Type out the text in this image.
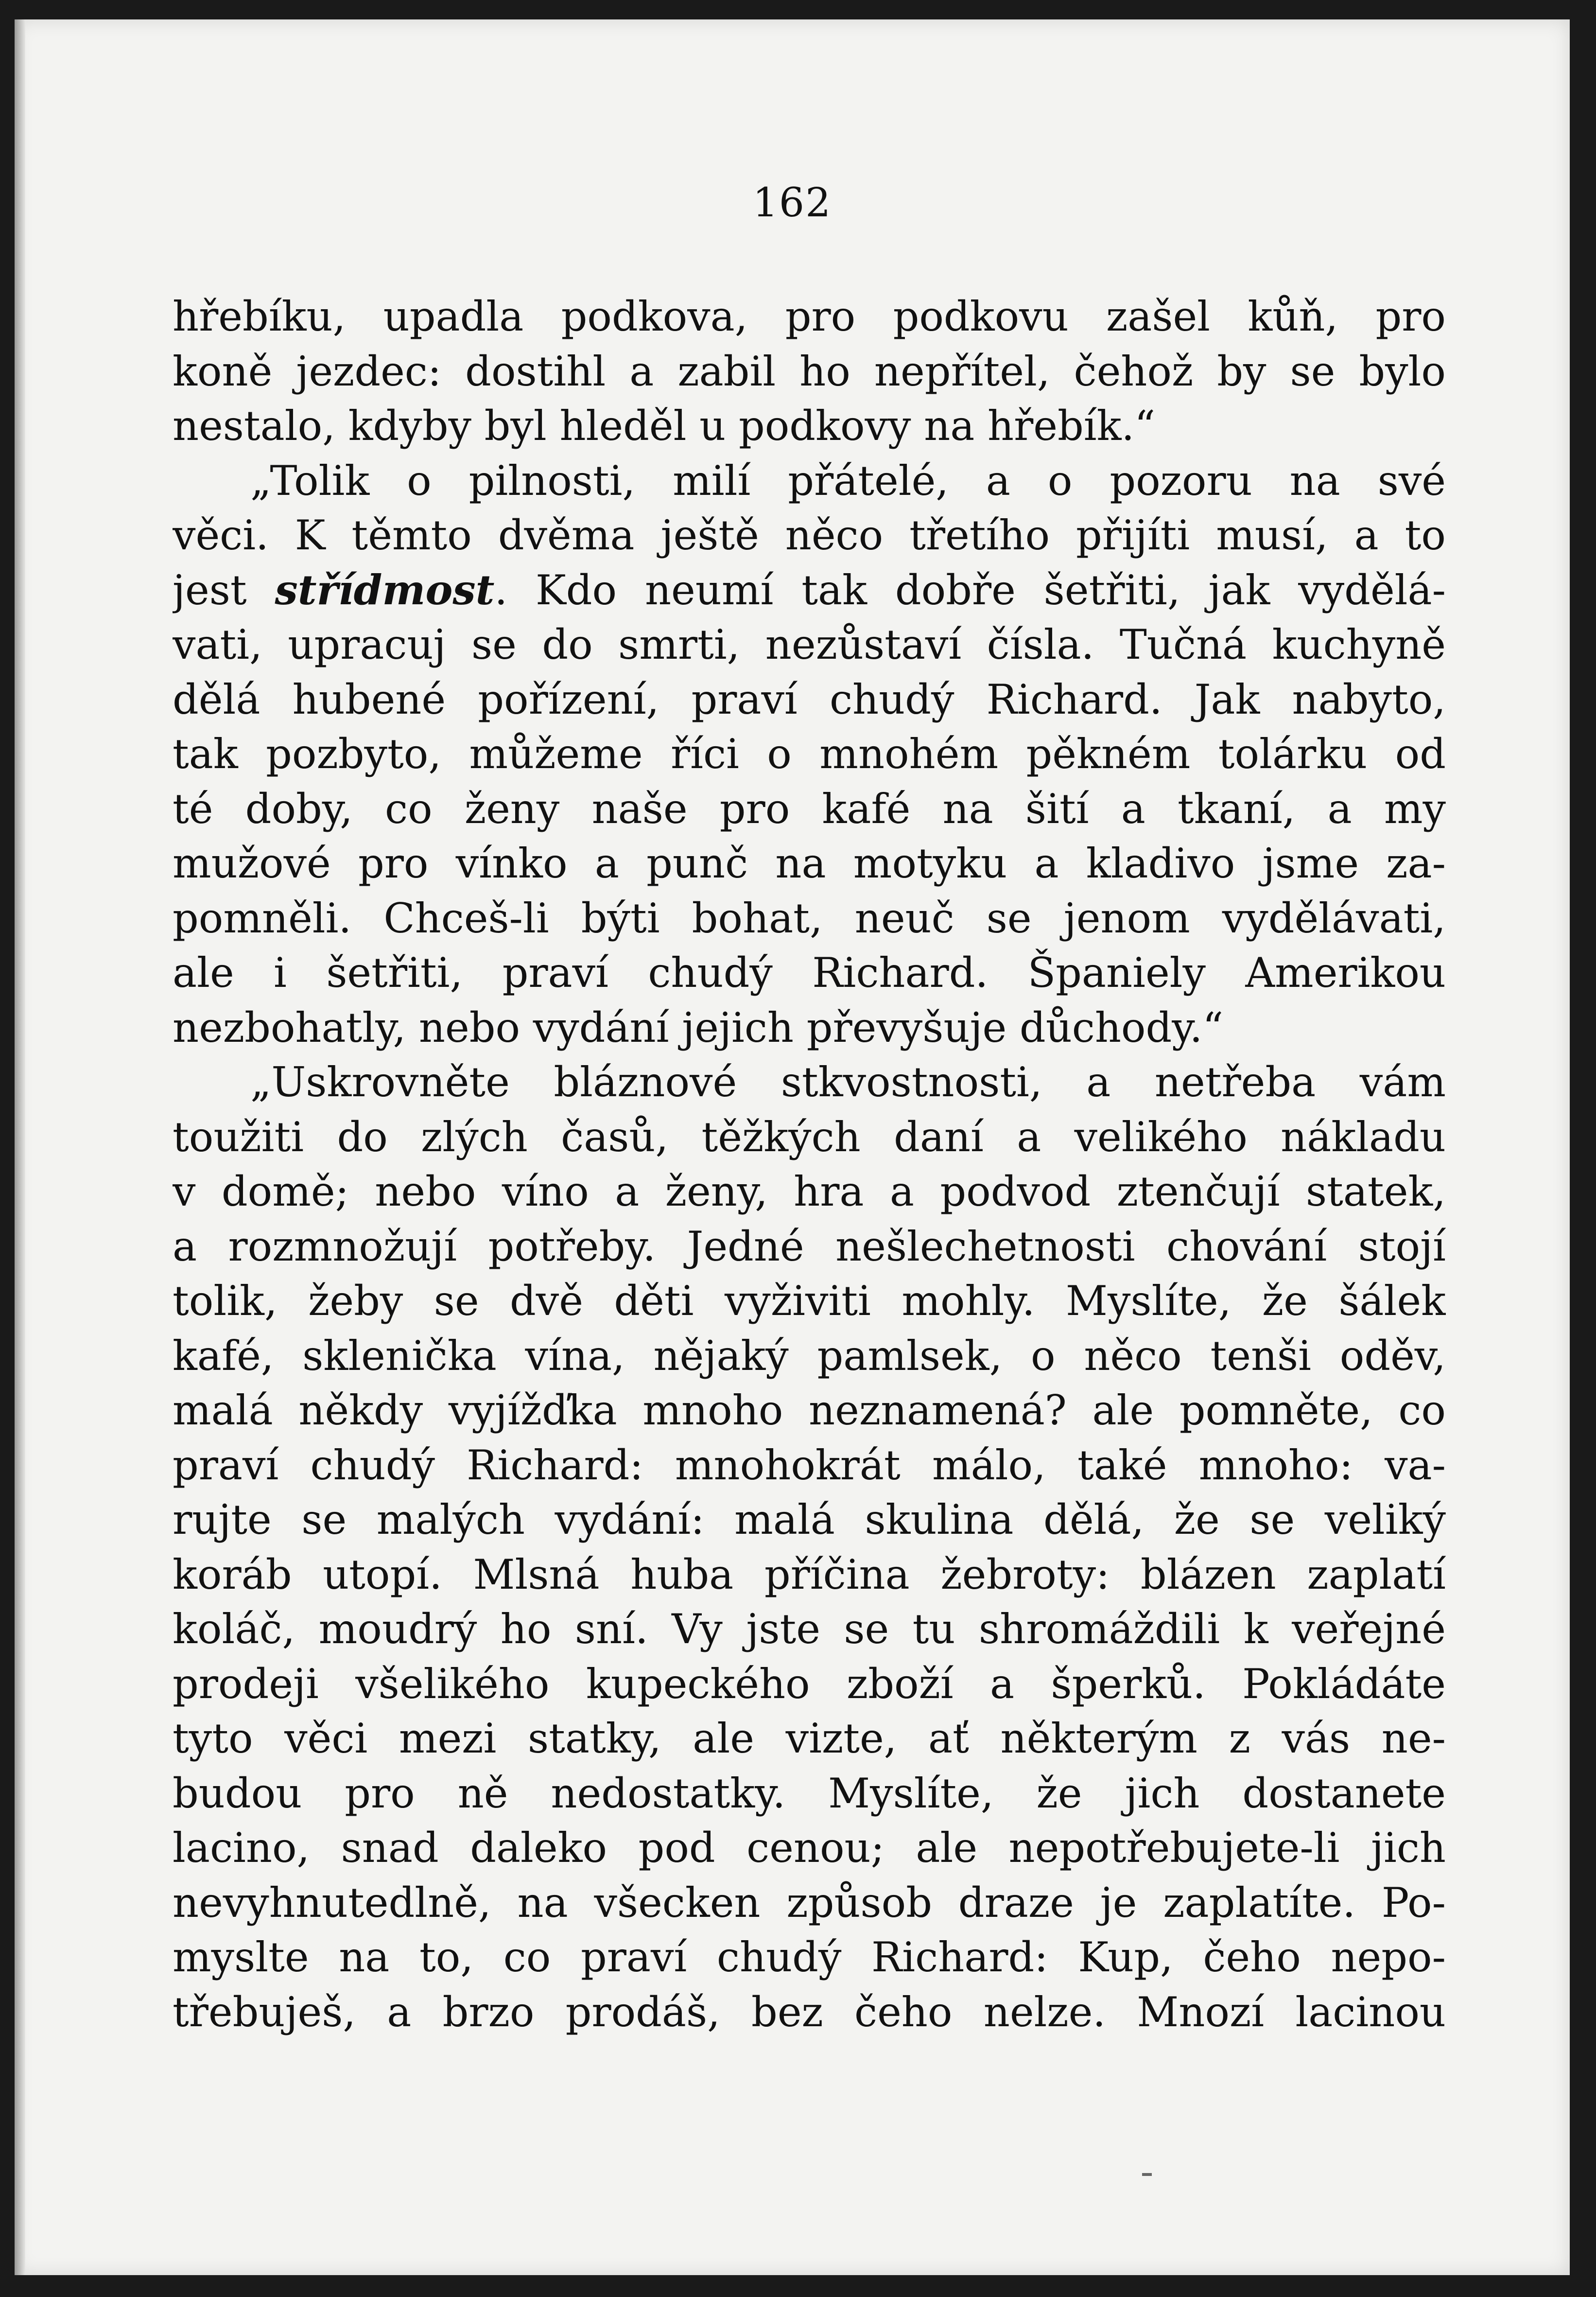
162
hřebíku, upadla podkova, pro podkovu zašel kůň, pro
koně jezdec: dostihl a zabil ho nepřítel, čehož by se bylo
nestalo, kdyby byl hleděl u podkovy na hřebík.“
„Tolik o pilnosti, milí přátelé, a o pozoru na své
věci. K těmto dvěma ještě něco třetího přijíti musí, a to
jest střídmost. Kdo neumí tak dobře šetřiti, jak vydělá-
vati, upracuj se do smrti, nezůstaví čísla. Tučná kuchyně
dělá hubené pořízení, praví chudý Richard. Jak nabyto,
tak pozbyto, můžeme říci o mnohém pěkném tolárku od
té doby, co ženy naše pro kafé na šití a tkaní, a my
mužové pro vínko a punč na motyku a kladivo jsme za-
pomněli. Chceš-li býti bohat, neuč se jenom vydělávati,
ale i šetřiti, praví chudý Richard. Španiely Amerikou
nezbohatly, nebo vydání jejich převyšuje důchody.“
„Uskrovněte bláznové stkvostnosti, a netřeba vám
toužiti do zlých časů, těžkých daní a velikého nákladu
v domě; nebo víno a ženy, hra a podvod ztenčují statek,
a rozmnožují potřeby. Jedné nešlechetnosti chování stojí
tolik, žeby se dvě děti vyživiti mohly. Myslíte, že šálek
kafé, sklenička vína, nějaký pamlsek, o něco tenši oděv,
malá někdy vyjížďka mnoho neznamená? ale pomněte, co
praví chudý Richard: mnohokrát málo, také mnoho: va-
rujte se malých vydání: malá skulina dělá, že se veliký
koráb utopí. Mlsná huba příčina žebroty: blázen zaplatí
koláč, moudrý ho sní. Vy jste se tu shromáždili k veřejné
prodeji všelikého kupeckého zboží a šperků. Pokládáte
tyto věci mezi statky, ale vizte, ať některým z vás ne-
budou pro ně nedostatky. Myslíte, že jich dostanete
lacino, snad daleko pod cenou; ale nepotřebujete-li jich
nevyhnutedlně, na všecken způsob draze je zaplatíte. Po-
myslte na to, co praví chudý Richard: Kup, čeho nepo-
třebuješ, a brzo prodáš, bez čeho nelze. Mnozí lacinou
